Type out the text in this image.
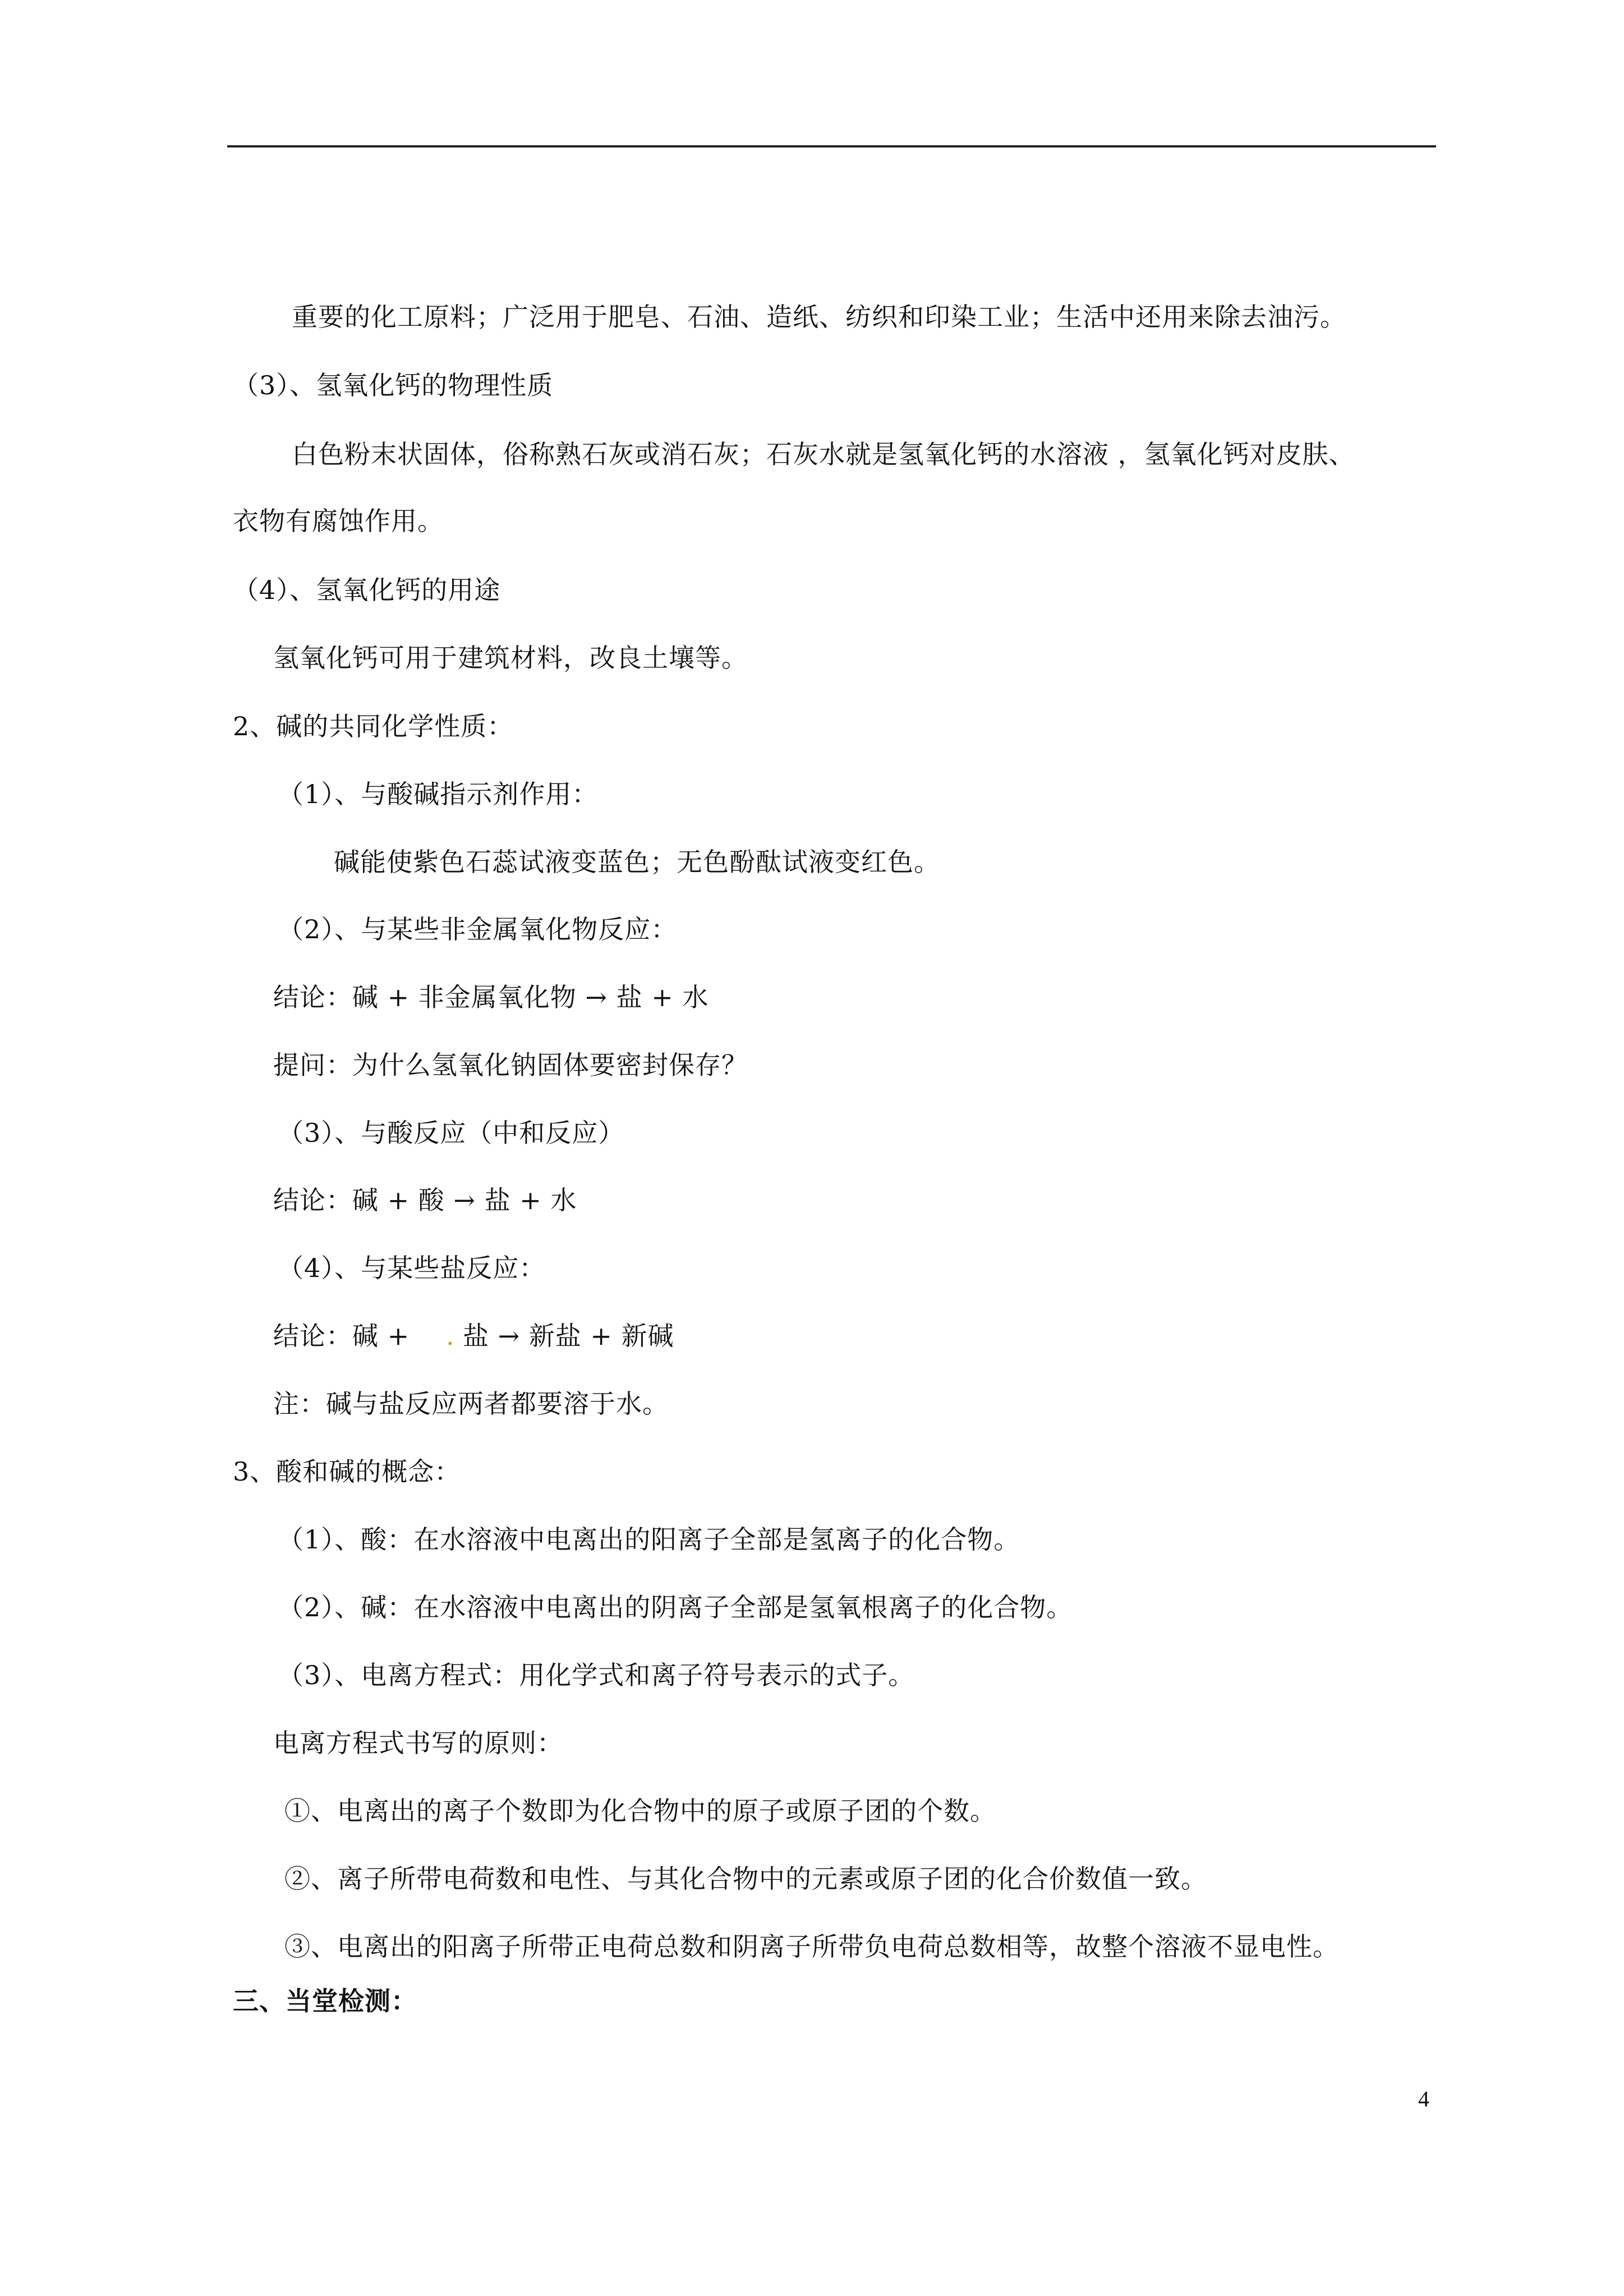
重要的化工原料；广泛用于肥皂、石油、造纸、纺织和印染工业；生活中还用来除去油污。
（3）、氢氧化钙的物理性质
白色粉末状固体，俗称熟石灰或消石灰；石灰水就是氢氧化钙的水溶液 ，氢氧化钙对皮肤、
衣物有腐蚀作用。
（4）、氢氧化钙的用途
氢氧化钙可用于建筑材料，改良土壤等。
2、碱的共同化学性质：
（1）、与酸碱指示剂作用：
碱能使紫色石蕊试液变蓝色；无色酚酞试液变红色。
（2）、与某些非金属氧化物反应：
结论：碱 + 非金属氧化物 → 盐 + 水
提问：为什么氢氧化钠固体要密封保存？
（3）、与酸反应（中和反应）
结论：碱 + 酸 → 盐 + 水
（4）、与某些盐反应：
结论：碱 + . 盐 → 新盐 + 新碱
注：碱与盐反应两者都要溶于水。
3、酸和碱的概念：
（1）、酸：在水溶液中电离出的阳离子全部是氢离子的化合物。
（2）、碱：在水溶液中电离出的阴离子全部是氢氧根离子的化合物。
（3）、电离方程式：用化学式和离子符号表示的式子。
电离方程式书写的原则：
①、电离出的离子个数即为化合物中的原子或原子团的个数。
②、离子所带电荷数和电性、与其化合物中的元素或原子团的化合价数值一致。
③、电离出的阳离子所带正电荷总数和阴离子所带负电荷总数相等，故整个溶液不显电性。
三、当堂检测：
4
